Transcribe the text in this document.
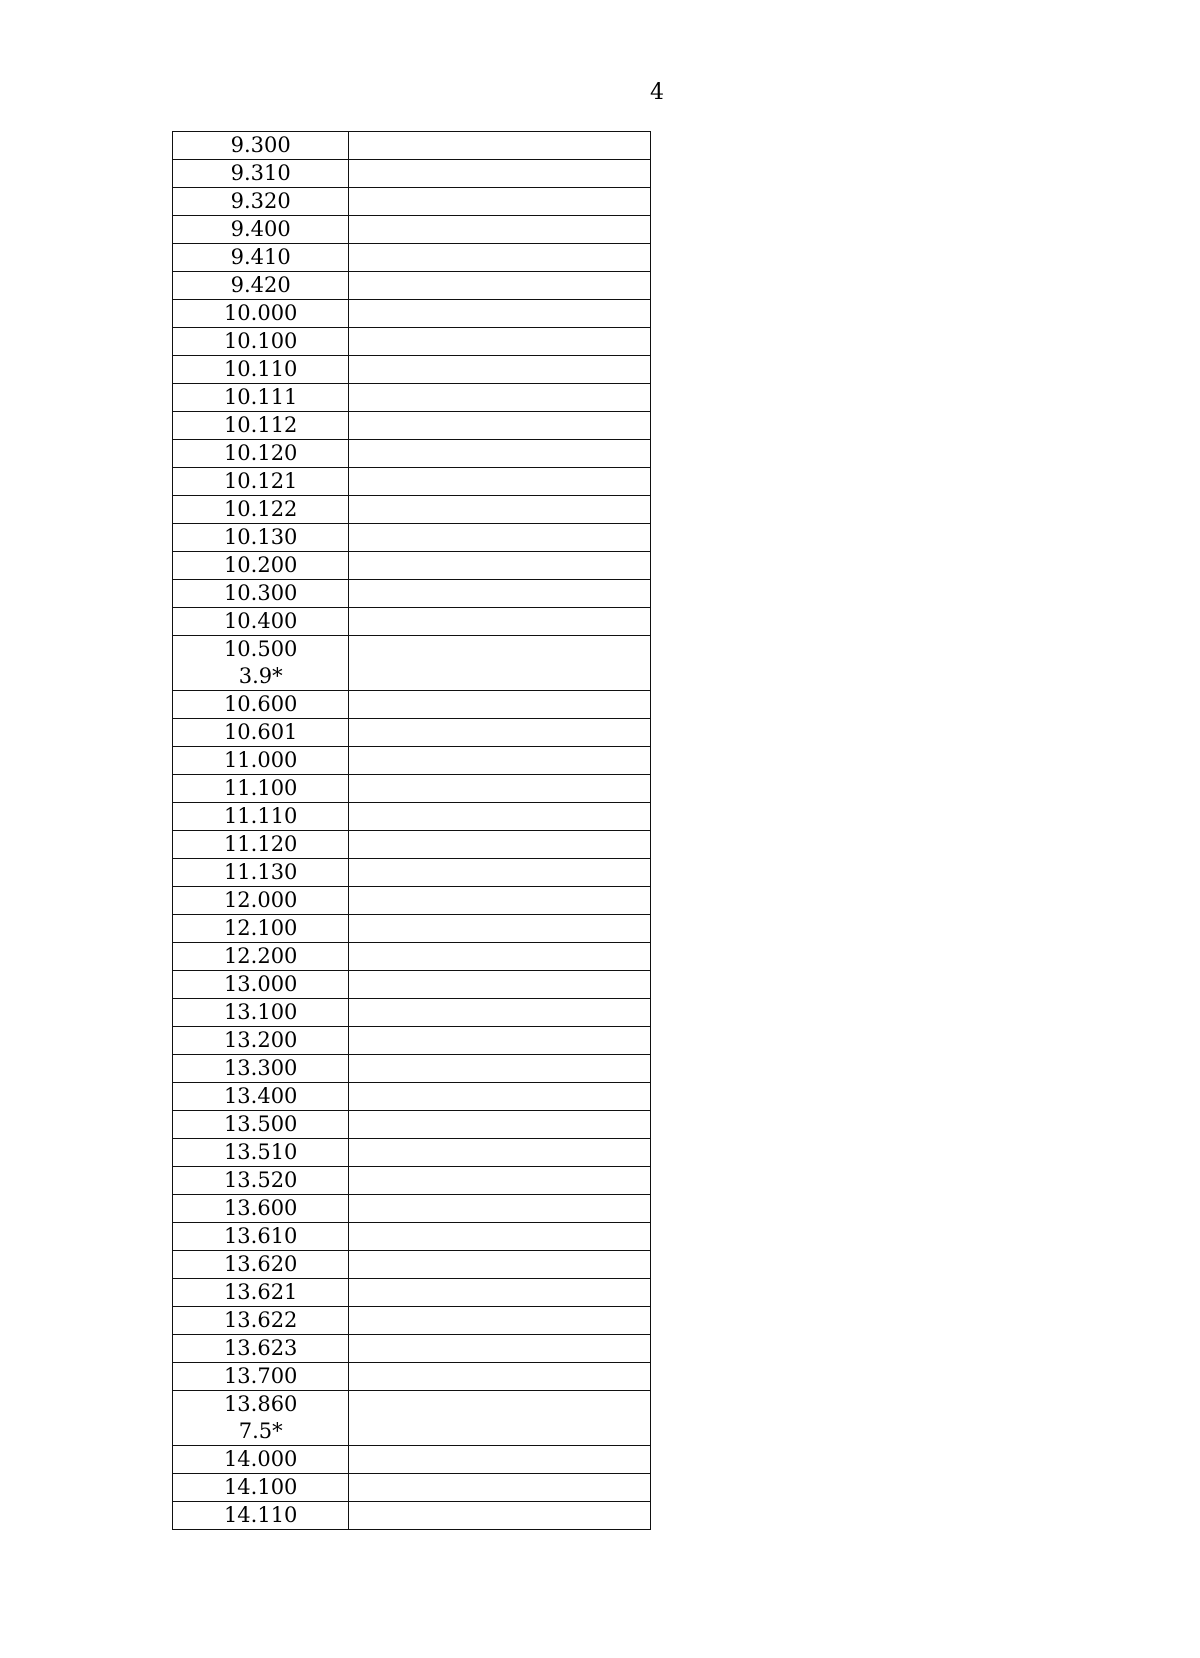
4
9.300	

9.310	

9.320	

9.400	

9.410	

9.420	

10.000	

10.100	

10.110	

10.111	

10.112	

10.120	

10.121	

10.122	

10.130	

10.200	

10.300	

10.400	

10.500
3.9*	

10.600	

10.601	

11.000	

11.100	

11.110	

11.120	

11.130	

12.000	

12.100	

12.200	

13.000	

13.100	

13.200	

13.300	

13.400	

13.500	

13.510	

13.520	

13.600	

13.610	

13.620	

13.621	

13.622	

13.623	

13.700	

13.860
7.5*	

14.000	

14.100	

14.110	
